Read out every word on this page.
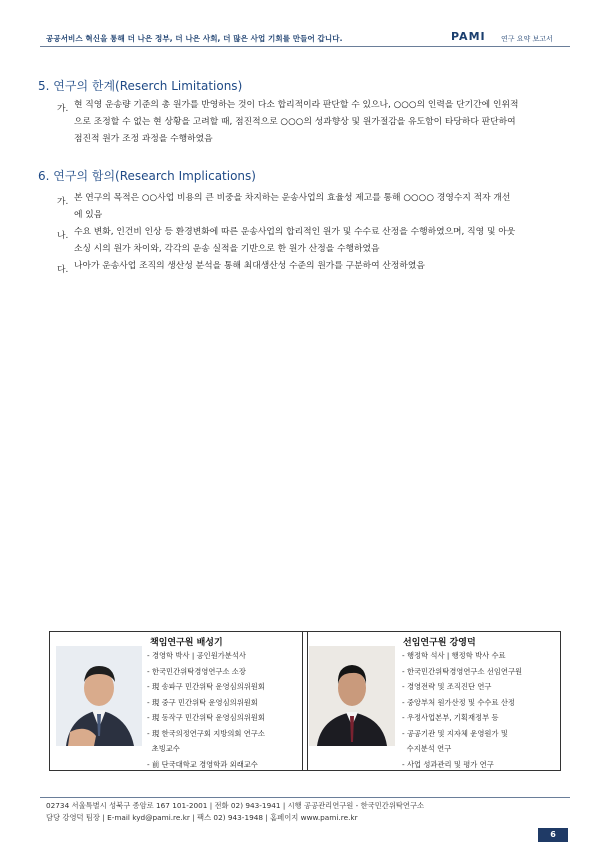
공공서비스 혁신을 통해 더 나은 정부, 더 나은 사회, 더 많은 사업 기회를 만들어 갑니다.	PAMI 연구 요약 보고서
5. 연구의 한계(Reserch Limitations)
가. 현 직영 운송량 기준의 총 원가를 반영하는 것이 다소 합리적이라 판단할 수 있으나, ○○○의 인력을 단기간에 인위적
으로 조정할 수 없는 현 상황을 고려할 때, 점진적으로 ○○○의 성과향상 및 원가절감을 유도함이 타당하다 판단하여
점진적 원가 조정 과정을 수행하였음
6. 연구의 함의(Research Implications)
가. 본 연구의 목적은 ○○사업 비용의 큰 비중을 차지하는 운송사업의 효율성 제고를 통해 ○○○○ 경영수지 적자 개선
에 있음
나. 수요 변화, 인건비 인상 등 환경변화에 따른 운송사업의 합리적인 원가 및 수수료 산정을 수행하였으며, 직영 및 아웃
소싱 시의 원가 차이와, 각각의 운송 실적을 기반으로 한 원가 산정을 수행하였음
다. 나아가 운송사업 조직의 생산성 분석을 통해 최대생산성 수준의 원가를 구분하여 산정하였음
책임연구원 배성기
- 경영학 박사 | 공인원가분석사
- 한국민간위탁경영연구소 소장
- 現 송파구 민간위탁 운영심의위원회
- 現 중구 민간위탁 운영심의위원회
- 現 동작구 민간위탁 운영심의위원회
- 現 한국의정연구회 지방의회 연구소
초빙교수
- 前 단국대학교 경영학과 외래교수
선임연구원 강영덕
- 행정학 석사 | 행정학 박사 수료
- 한국민간위탁경영연구소 선임연구원
- 경영전략 및 조직진단 연구
- 중앙부처 원가산정 및 수수료 산정
- 우정사업본부, 기획재정부 등
- 공공기관 및 지자체 운영원가 및
수지분석 연구
- 사업 성과관리 및 평가 연구
02734 서울특별시 성북구 종암로 167 101-2001 | 전화 02) 943-1941 | 시행 공공관리연구원 - 한국민간위탁연구소
담당 강영덕 팀장 | E-mail kyd@pami.re.kr | 팩스 02) 943-1948 | 홈페이지 www.pami.re.kr
6
